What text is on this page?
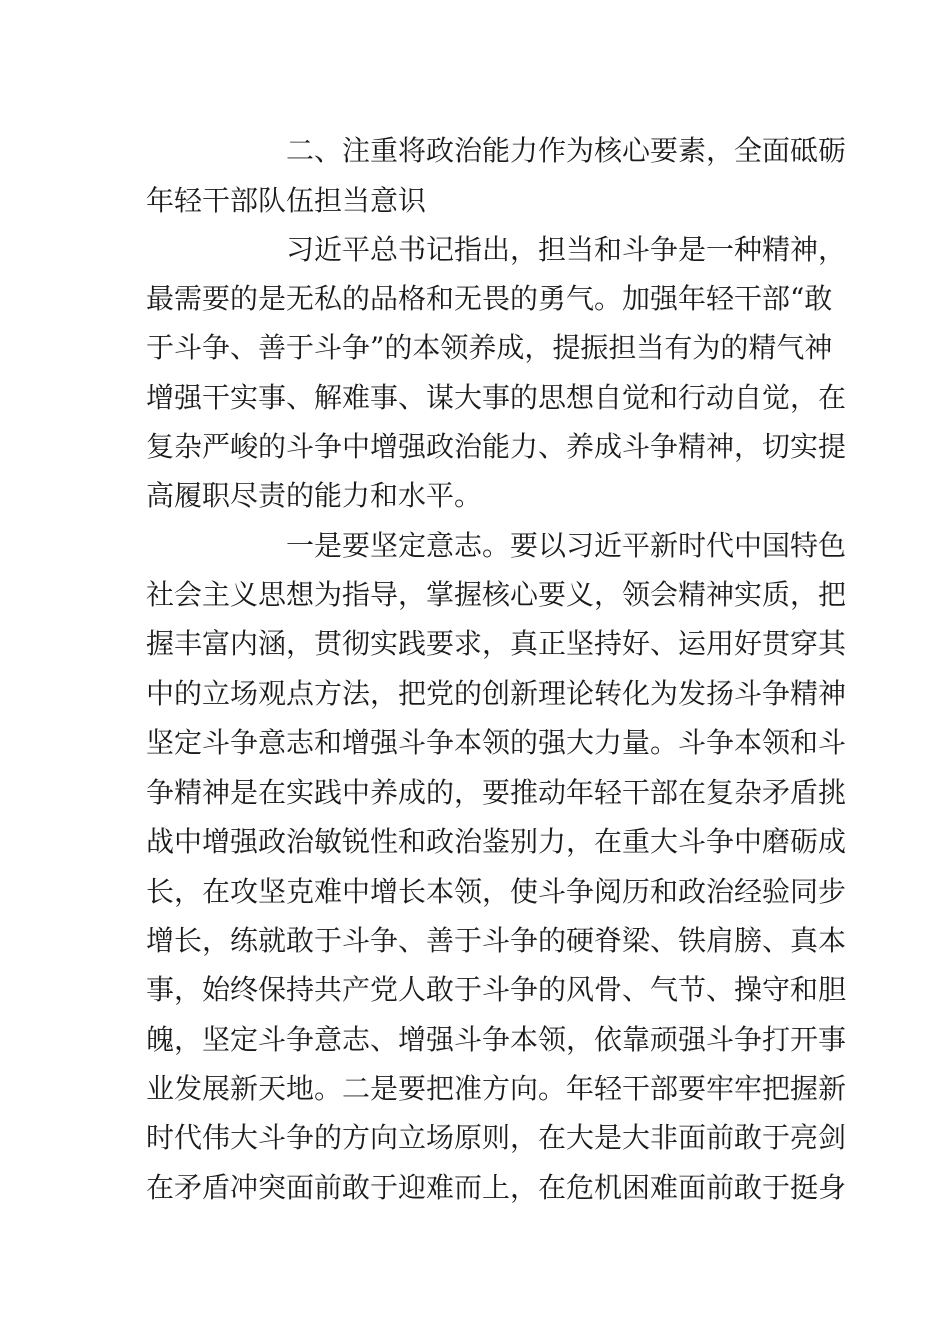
二、注重将政治能力作为核心要素，全面砥砺

年轻干部队伍担当意识

习近平总书记指出，担当和斗争是一种精神，

最需要的是无私的品格和无畏的勇气。加强年轻干部“敢

于斗争、善于斗争”的本领养成，提振担当有为的精气神

增强干实事、解难事、谋大事的思想自觉和行动自觉，在

复杂严峻的斗争中增强政治能力、养成斗争精神，切实提

高履职尽责的能力和水平。

一是要坚定意志。要以习近平新时代中国特色

社会主义思想为指导，掌握核心要义，领会精神实质，把

握丰富内涵，贯彻实践要求，真正坚持好、运用好贯穿其

中的立场观点方法，把党的创新理论转化为发扬斗争精神

坚定斗争意志和增强斗争本领的强大力量。斗争本领和斗

争精神是在实践中养成的，要推动年轻干部在复杂矛盾挑

战中增强政治敏锐性和政治鉴别力，在重大斗争中磨砺成

长，在攻坚克难中增长本领，使斗争阅历和政治经验同步

增长，练就敢于斗争、善于斗争的硬脊梁、铁肩膀、真本

事，始终保持共产党人敢于斗争的风骨、气节、操守和胆

魄，坚定斗争意志、增强斗争本领，依靠顽强斗争打开事

业发展新天地。二是要把准方向。年轻干部要牢牢把握新

时代伟大斗争的方向立场原则，在大是大非面前敢于亮剑

在矛盾冲突面前敢于迎难而上，在危机困难面前敢于挺身
